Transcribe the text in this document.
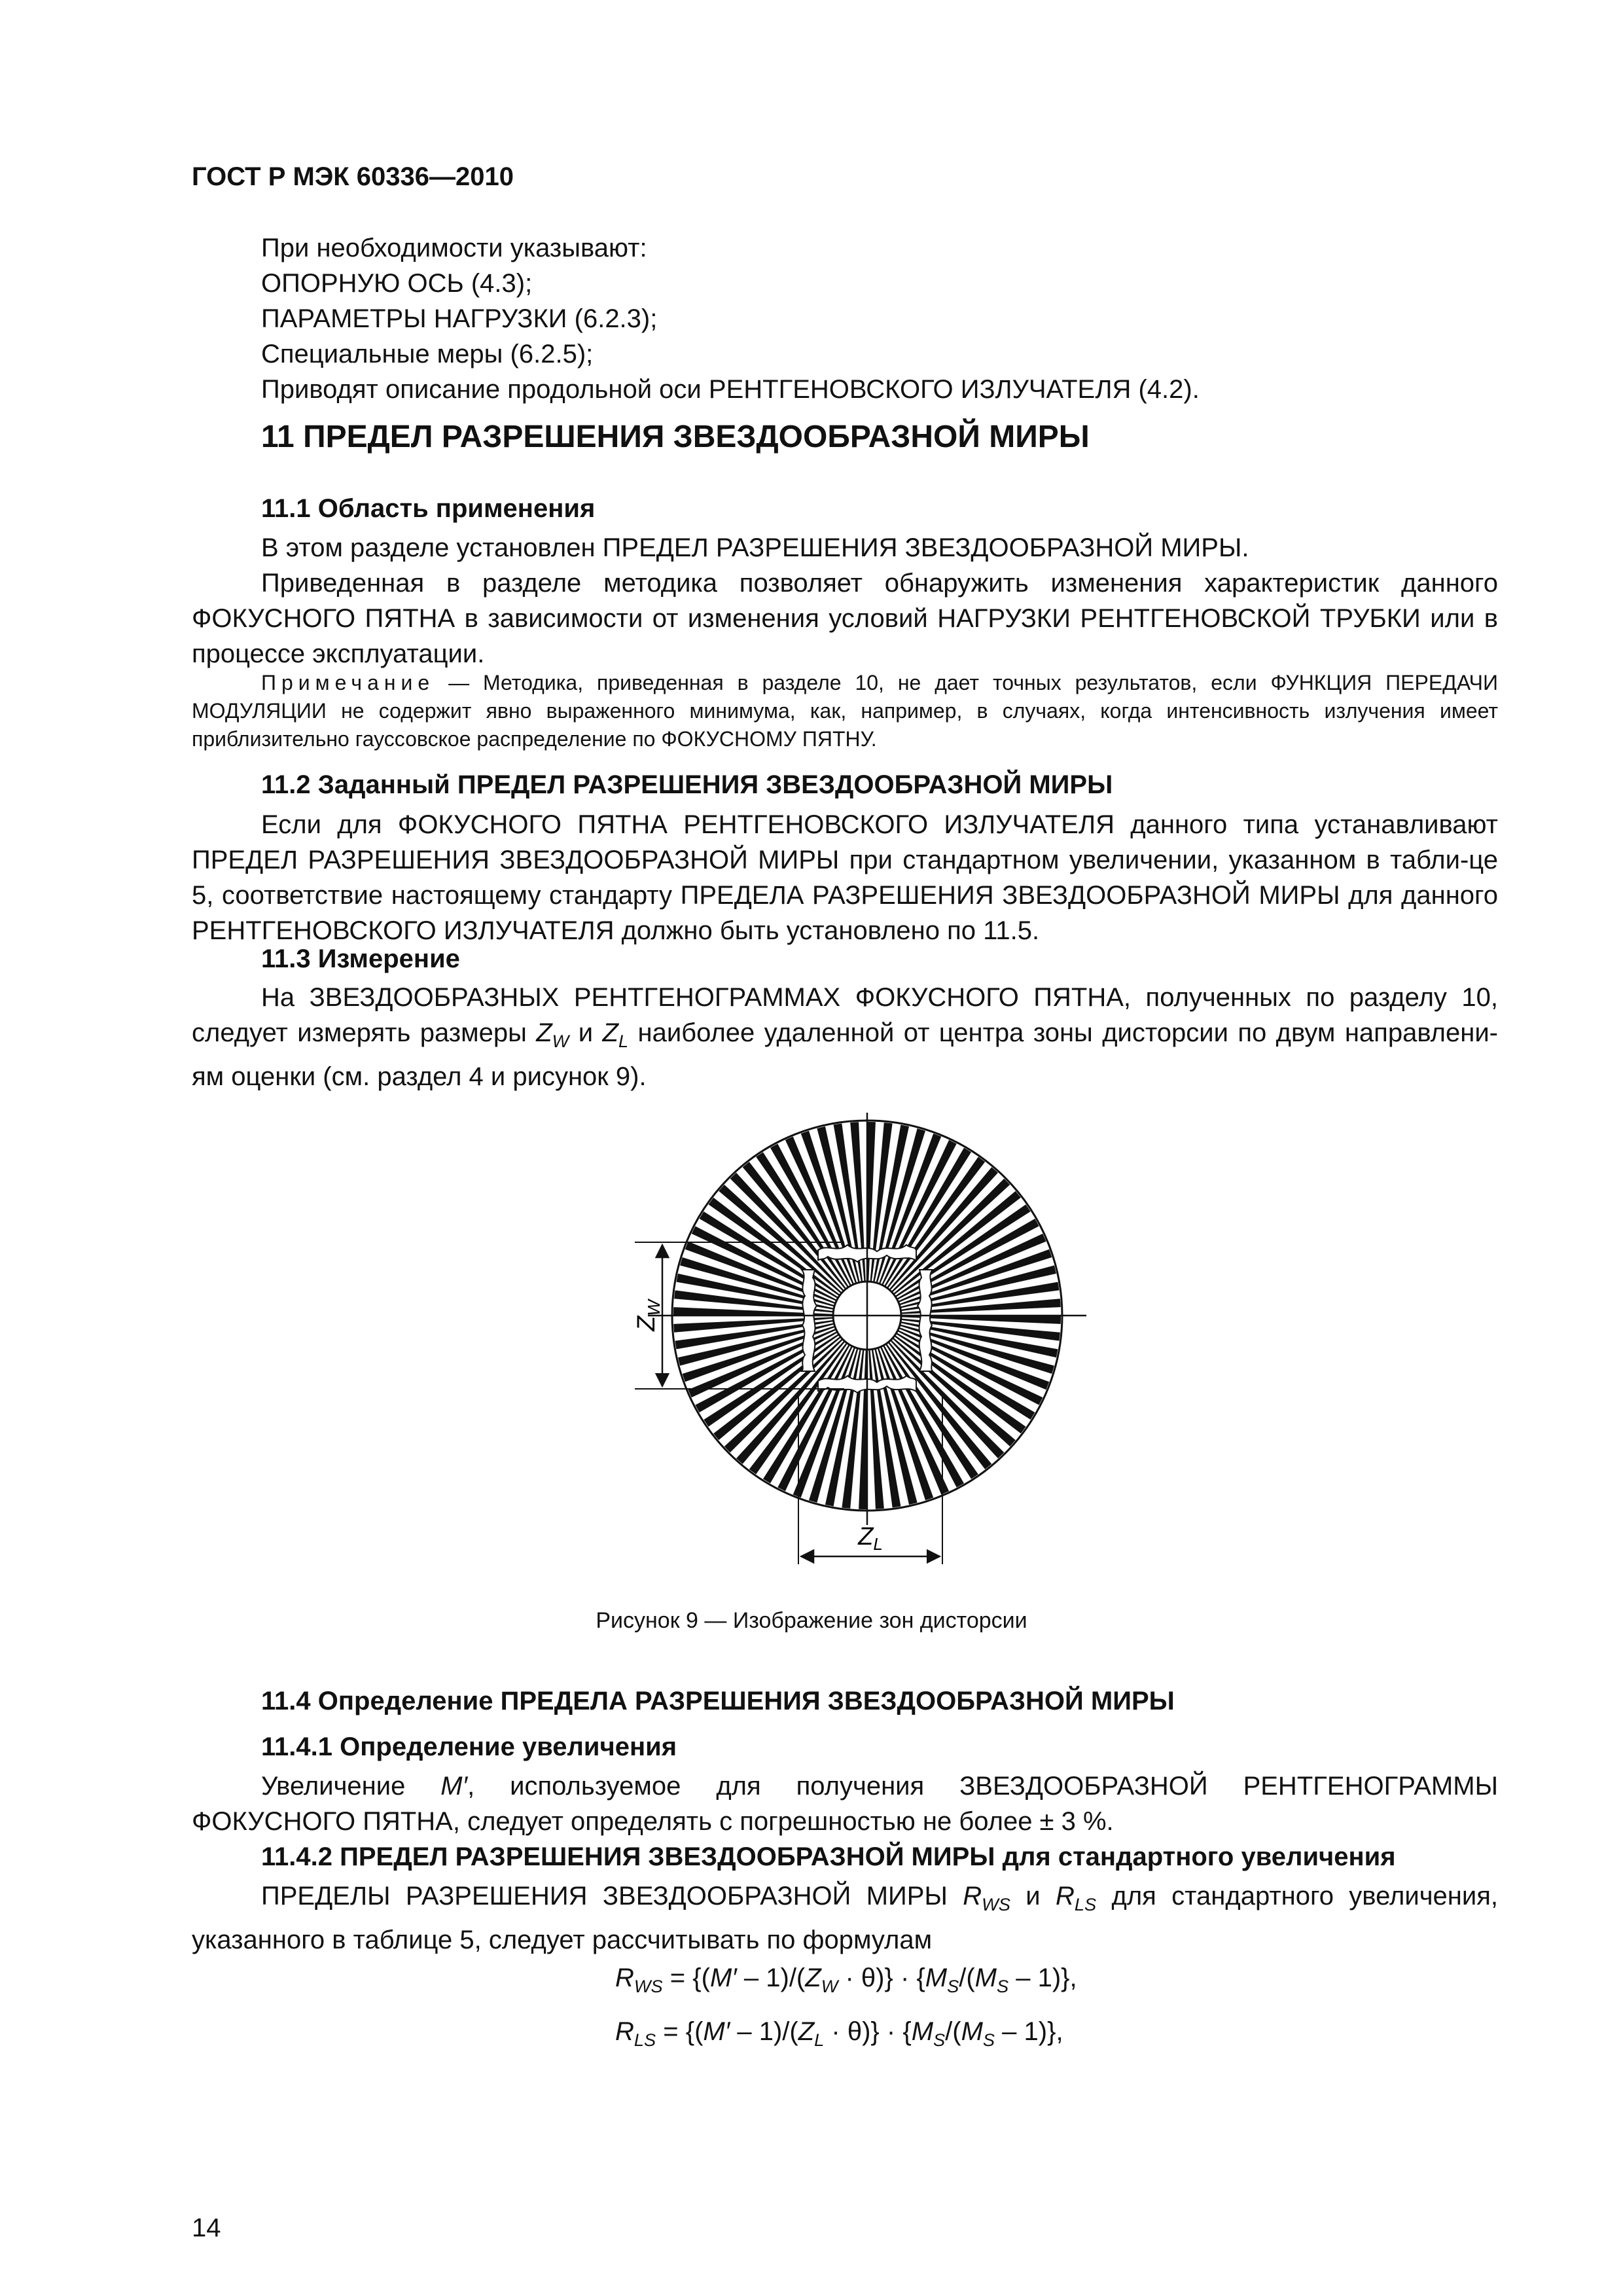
ГОСТ Р МЭК 60336—2010
При необходимости указывают:
ОПОРНУЮ ОСЬ (4.3);
ПАРАМЕТРЫ НАГРУЗКИ (6.2.3);
Специальные меры (6.2.5);
Приводят описание продольной оси РЕНТГЕНОВСКОГО ИЗЛУЧАТЕЛЯ (4.2).
11 ПРЕДЕЛ РАЗРЕШЕНИЯ ЗВЕЗДООБРАЗНОЙ МИРЫ
11.1 Область применения
В этом разделе установлен ПРЕДЕЛ РАЗРЕШЕНИЯ ЗВЕЗДООБРАЗНОЙ МИРЫ.
Приведенная в разделе методика позволяет обнаружить изменения характеристик данного ФОКУСНОГО ПЯТНА в зависимости от изменения условий НАГРУЗКИ РЕНТГЕНОВСКОЙ ТРУБКИ или в процессе эксплуатации.
Примечание — Методика, приведенная в разделе 10, не дает точных результатов, если ФУНКЦИЯ ПЕРЕДАЧИ МОДУЛЯЦИИ не содержит явно выраженного минимума, как, например, в случаях, когда интенсивность излучения имеет приблизительно гауссовское распределение по ФОКУСНОМУ ПЯТНУ.
11.2 Заданный ПРЕДЕЛ РАЗРЕШЕНИЯ ЗВЕЗДООБРАЗНОЙ МИРЫ
Если для ФОКУСНОГО ПЯТНА РЕНТГЕНОВСКОГО ИЗЛУЧАТЕЛЯ данного типа устанавливают ПРЕДЕЛ РАЗРЕШЕНИЯ ЗВЕЗДООБРАЗНОЙ МИРЫ при стандартном увеличении, указанном в табли-це 5, соответствие настоящему стандарту ПРЕДЕЛА РАЗРЕШЕНИЯ ЗВЕЗДООБРАЗНОЙ МИРЫ для данного РЕНТГЕНОВСКОГО ИЗЛУЧАТЕЛЯ должно быть установлено по 11.5.
11.3 Измерение
На ЗВЕЗДООБРАЗНЫХ РЕНТГЕНОГРАММАХ ФОКУСНОГО ПЯТНА, полученных по разделу 10, следует измерять размеры $Z_W$ и $Z_L$ наиболее удаленной от центра зоны дисторсии по двум направлени-ям оценки (см. раздел 4 и рисунок 9).
$Z_W$
$Z_L$
Рисунок 9 — Изображение зон дисторсии
11.4 Определение ПРЕДЕЛА РАЗРЕШЕНИЯ ЗВЕЗДООБРАЗНОЙ МИРЫ
11.4.1 Определение увеличения
Увеличение M′, используемое для получения ЗВЕЗДООБРАЗНОЙ РЕНТГЕНОГРАММЫ ФОКУСНОГО ПЯТНА, следует определять с погрешностью не более ± 3 %.
11.4.2 ПРЕДЕЛ РАЗРЕШЕНИЯ ЗВЕЗДООБРАЗНОЙ МИРЫ для стандартного увеличения
ПРЕДЕЛЫ РАЗРЕШЕНИЯ ЗВЕЗДООБРАЗНОЙ МИРЫ $R_{WS}$ и $R_{LS}$ для стандартного увеличения, указанного в таблице 5, следует рассчитывать по формулам
$R_{WS} = \{(M' - 1)/(Z_W \cdot \theta)\} \cdot \{M_S/(M_S - 1)\}$,
$R_{LS} = \{(M' - 1)/(Z_L \cdot \theta)\} \cdot \{M_S/(M_S - 1)\}$,
14
